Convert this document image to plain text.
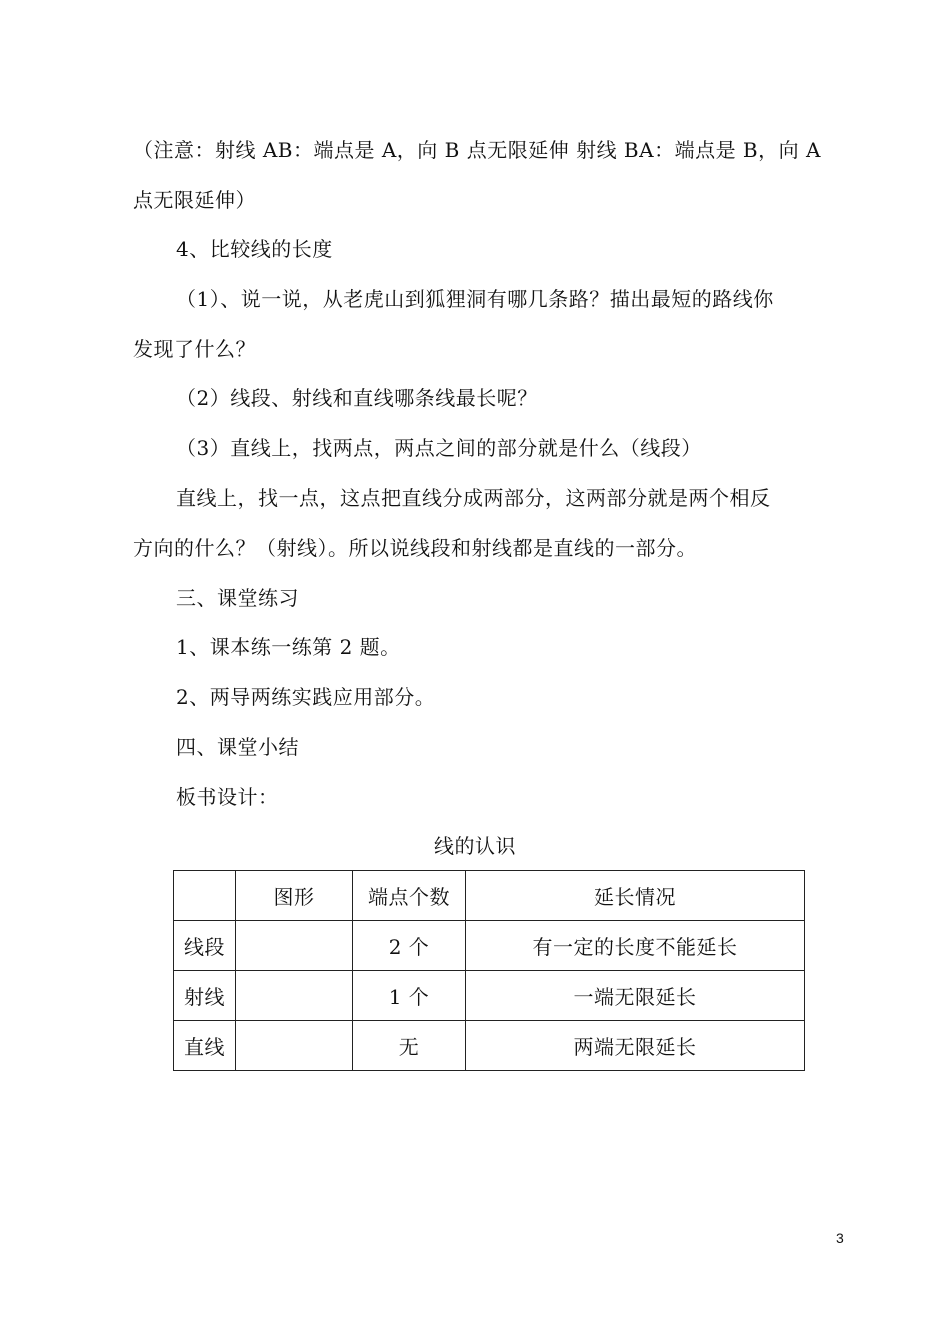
（注意：射线 AB：端点是 A，向 B 点无限延伸 射线 BA：端点是 B，向 A
点无限延伸）
4、比较线的长度
（1）、说一说，从老虎山到狐狸洞有哪几条路？描出最短的路线你
发现了什么？
（2）线段、射线和直线哪条线最长呢？
（3）直线上，找两点，两点之间的部分就是什么（线段）
直线上，找一点，这点把直线分成两部分，这两部分就是两个相反
方向的什么？（射线）。所以说线段和射线都是直线的一部分。
三、课堂练习
1、课本练一练第 2 题。
2、两导两练实践应用部分。
四、课堂小结
板书设计：
线的认识
	图形	端点个数	延长情况
线段		2 个	有一定的长度不能延长
射线		1 个	一端无限延长
直线		无	两端无限延长
3
